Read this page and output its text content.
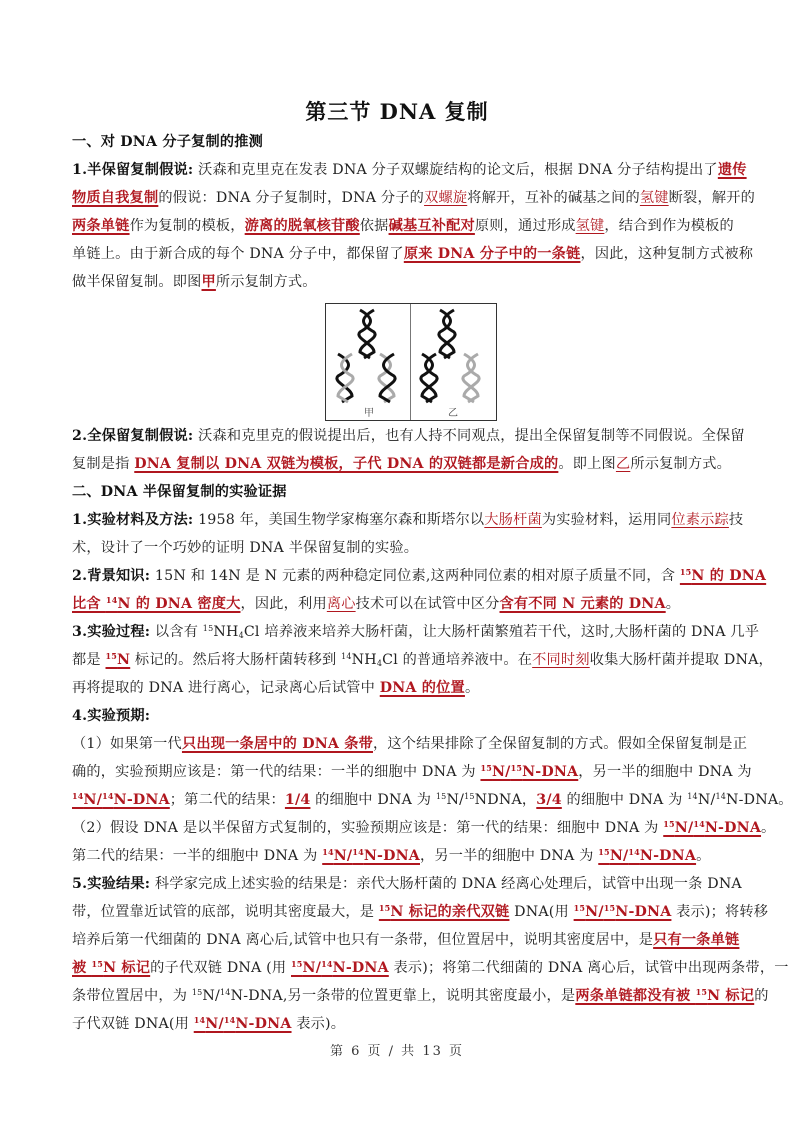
第三节 DNA 复制
一、对 DNA 分子复制的推测
1.半保留复制假说: 沃森和克里克在发表 DNA 分子双螺旋结构的论文后，根据 DNA 分子结构提出了遗传
物质自我复制的假说：DNA 分子复制时，DNA 分子的双螺旋将解开，互补的碱基之间的氢键断裂，解开的
两条单链作为复制的模板，游离的脱氧核苷酸依据碱基互补配对原则，通过形成氢键，结合到作为模板的
单链上。由于新合成的每个 DNA 分子中，都保留了原来 DNA 分子中的一条链，因此，这种复制方式被称
做半保留复制。即图甲所示复制方式。
甲	乙
2.全保留复制假说: 沃森和克里克的假说提出后，也有人持不同观点，提出全保留复制等不同假说。全保留
复制是指 DNA 复制以 DNA 双链为模板，子代 DNA 的双链都是新合成的。即上图乙所示复制方式。
二、DNA 半保留复制的实验证据
1.实验材料及方法: 1958 年，美国生物学家梅塞尔森和斯塔尔以大肠杆菌为实验材料，运用同位素示踪技
术，设计了一个巧妙的证明 DNA 半保留复制的实验。
2.背景知识: 15N 和 14N 是 N 元素的两种稳定同位素,这两种同位素的相对原子质量不同，含 $^{15}$N 的 DNA
比含 $^{14}$N 的 DNA 密度大，因此，利用离心技术可以在试管中区分含有不同 N 元素的 DNA。
3.实验过程: 以含有 $^{15}NH_4Cl$ 培养液来培养大肠杆菌，让大肠杆菌繁殖若干代，这时,大肠杆菌的 DNA 几乎
都是 $^{15}$N 标记的。然后将大肠杆菌转移到 $^{14}NH_4Cl$ 的普通培养液中。在不同时刻收集大肠杆菌并提取 DNA，
再将提取的 DNA 进行离心，记录离心后试管中 DNA 的位置。
4.实验预期:
（1）如果第一代只出现一条居中的 DNA 条带，这个结果排除了全保留复制的方式。假如全保留复制是正
确的，实验预期应该是：第一代的结果：一半的细胞中 DNA 为 $^{15}$N/$^{15}$N-DNA，另一半的细胞中 DNA 为
$^{14}$N/$^{14}$N-DNA；第二代的结果：1/4 的细胞中 DNA 为 $^{15}$N/$^{15}$NDNA，3/4 的细胞中 DNA 为 $^{14}$N/$^{14}$N-DNA。
（2）假设 DNA 是以半保留方式复制的，实验预期应该是：第一代的结果：细胞中 DNA 为 $^{15}$N/$^{14}$N-DNA。
第二代的结果：一半的细胞中 DNA 为 $^{14}$N/$^{14}$N-DNA，另一半的细胞中 DNA 为 $^{15}$N/$^{14}$N-DNA。
5.实验结果: 科学家完成上述实验的结果是：亲代大肠杆菌的 DNA 经离心处理后，试管中出现一条 DNA
带，位置靠近试管的底部，说明其密度最大，是 $^{15}$N 标记的亲代双链 DNA(用 $^{15}$N/$^{15}$N-DNA 表示)；将转移
培养后第一代细菌的 DNA 离心后,试管中也只有一条带，但位置居中，说明其密度居中，是只有一条单链
被 $^{15}$N 标记的子代双链 DNA (用 $^{15}$N/$^{14}$N-DNA 表示)；将第二代细菌的 DNA 离心后，试管中出现两条带，一
条带位置居中，为 $^{15}$N/$^{14}$N-DNA,另一条带的位置更靠上，说明其密度最小，是两条单链都没有被 $^{15}$N 标记的
子代双链 DNA(用 $^{14}$N/$^{14}$N-DNA 表示)。
第 6 页 / 共 13 页
